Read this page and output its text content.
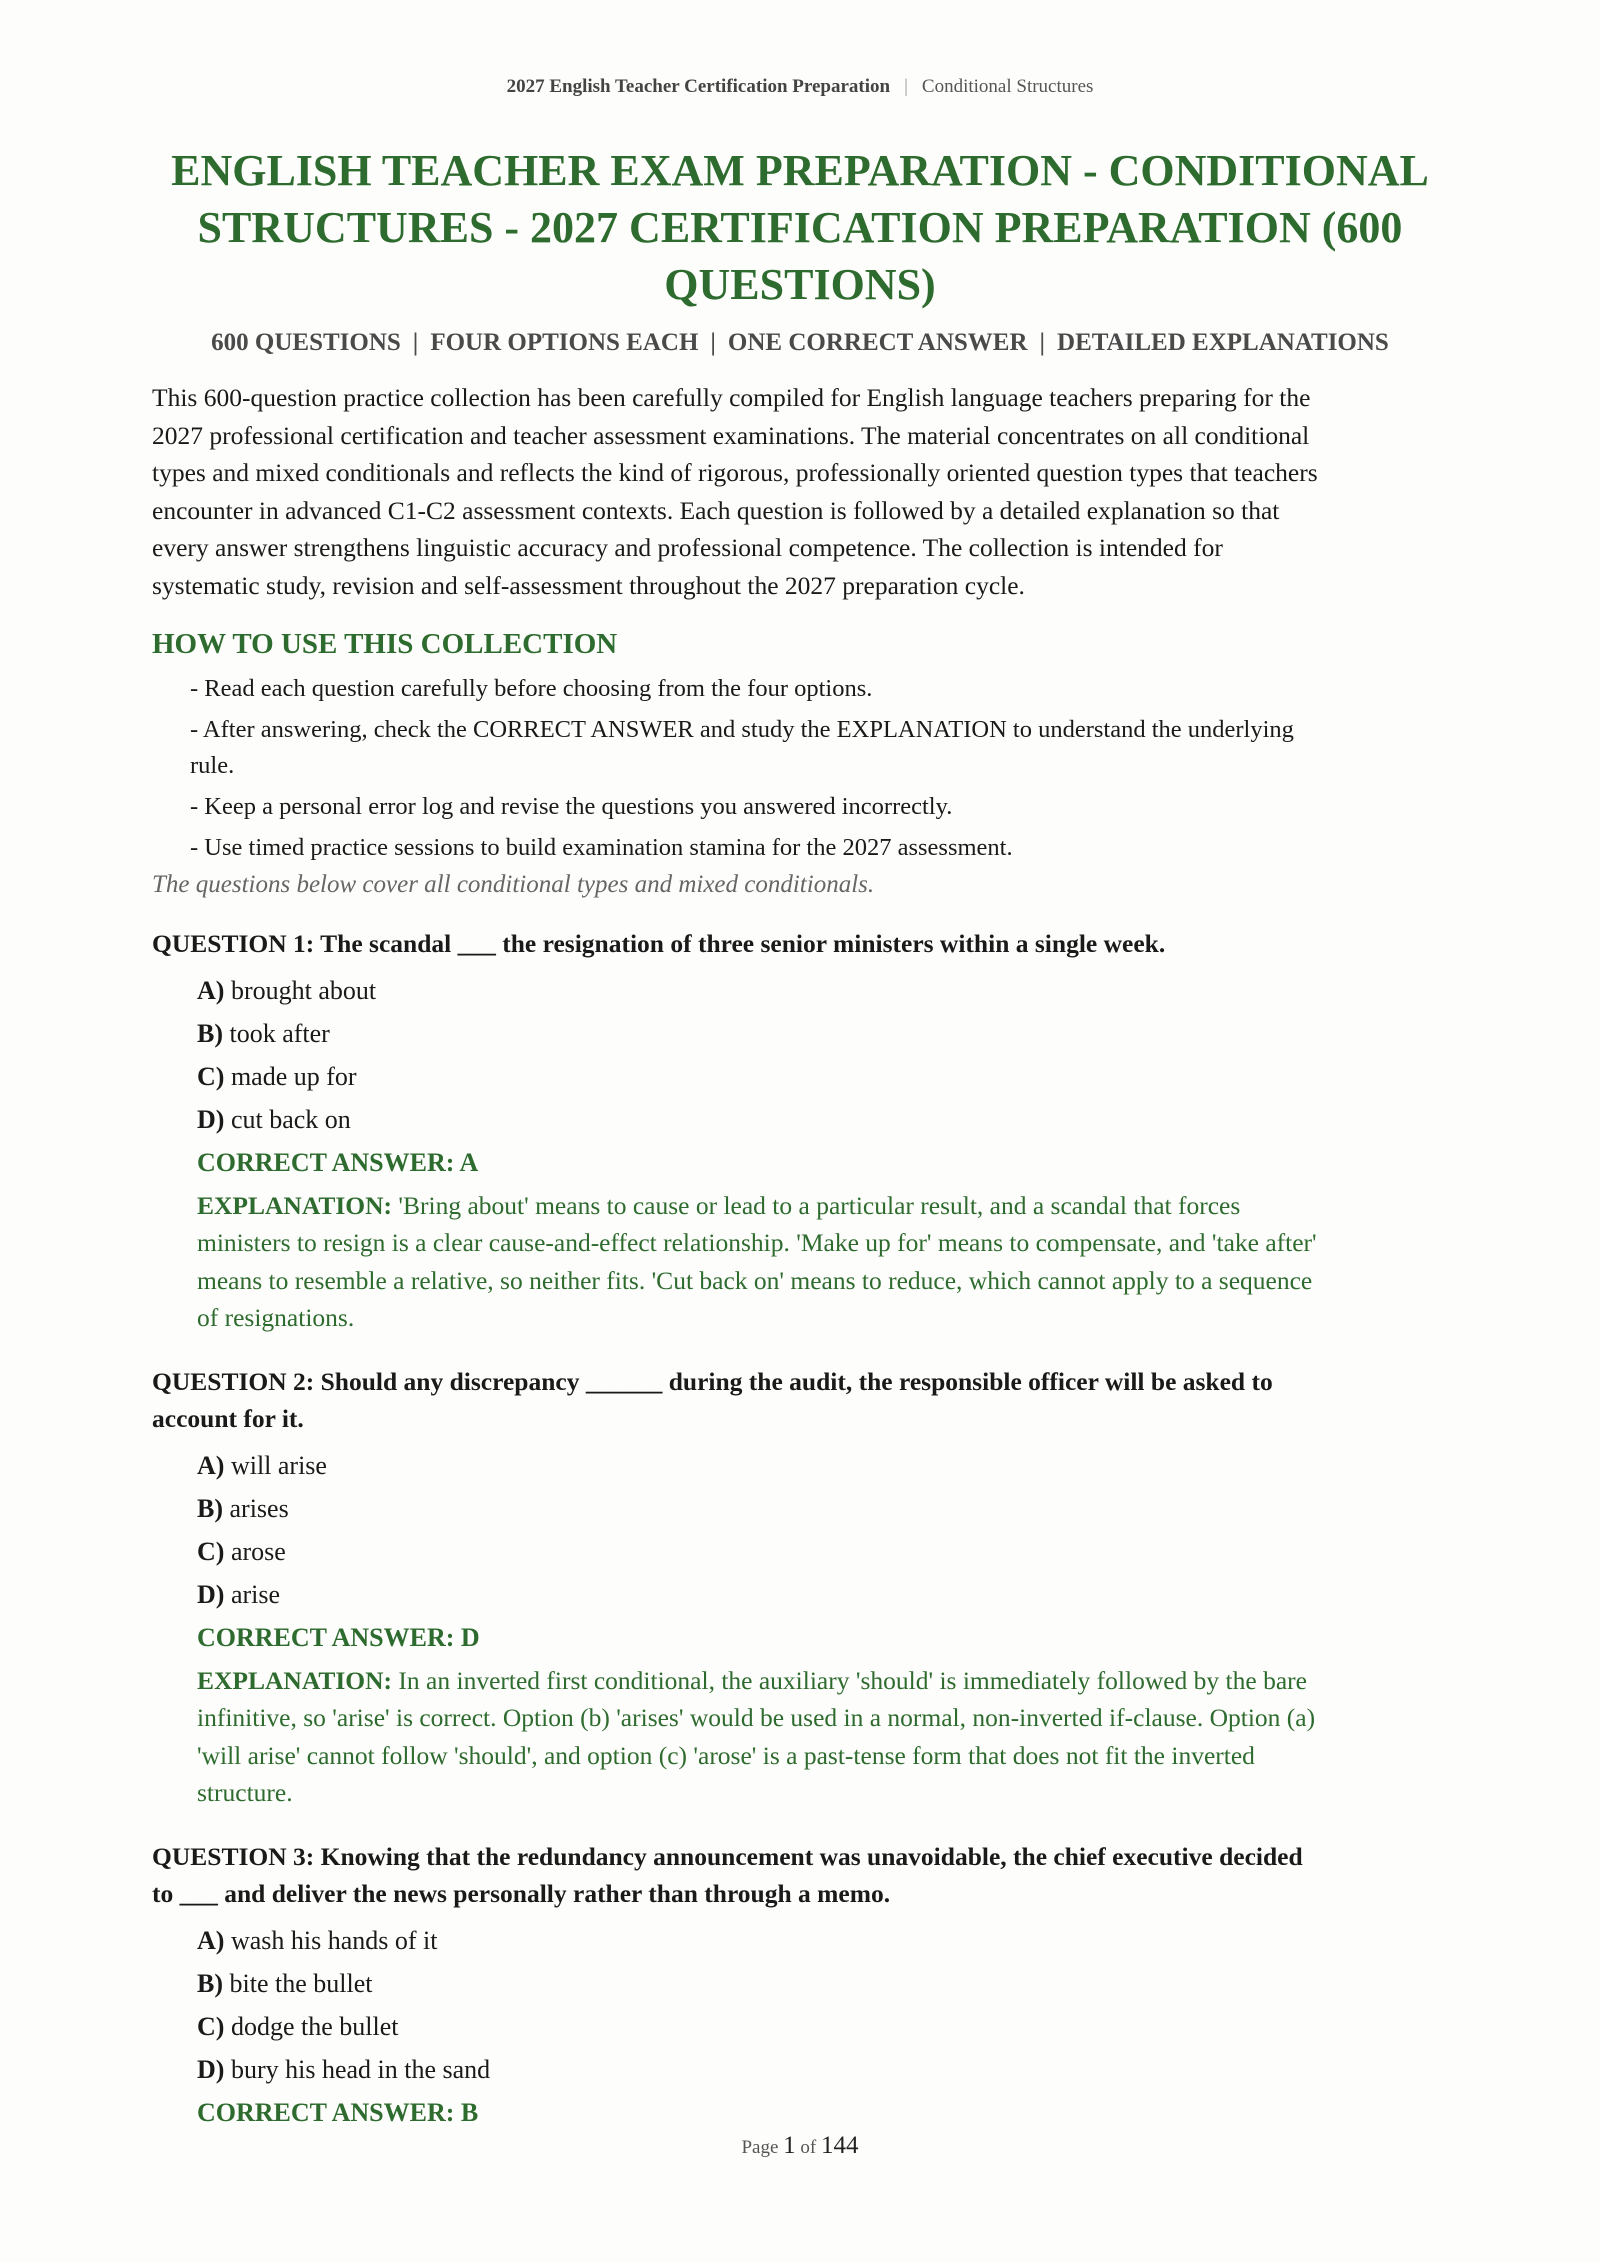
2027 English Teacher Certification Preparation | Conditional Structures
ENGLISH TEACHER EXAM PREPARATION - CONDITIONAL
STRUCTURES - 2027 CERTIFICATION PREPARATION (600
QUESTIONS)
600 QUESTIONS | FOUR OPTIONS EACH | ONE CORRECT ANSWER | DETAILED EXPLANATIONS
This 600-question practice collection has been carefully compiled for English language teachers preparing for the
2027 professional certification and teacher assessment examinations. The material concentrates on all conditional
types and mixed conditionals and reflects the kind of rigorous, professionally oriented question types that teachers
encounter in advanced C1-C2 assessment contexts. Each question is followed by a detailed explanation so that
every answer strengthens linguistic accuracy and professional competence. The collection is intended for
systematic study, revision and self-assessment throughout the 2027 preparation cycle.
HOW TO USE THIS COLLECTION
- Read each question carefully before choosing from the four options.
- After answering, check the CORRECT ANSWER and study the EXPLANATION to understand the underlying
rule.
- Keep a personal error log and revise the questions you answered incorrectly.
- Use timed practice sessions to build examination stamina for the 2027 assessment.
The questions below cover all conditional types and mixed conditionals.
QUESTION 1: The scandal ___ the resignation of three senior ministers within a single week.
A) brought about
B) took after
C) made up for
D) cut back on
CORRECT ANSWER: A
EXPLANATION: 'Bring about' means to cause or lead to a particular result, and a scandal that forces
ministers to resign is a clear cause-and-effect relationship. 'Make up for' means to compensate, and 'take after'
means to resemble a relative, so neither fits. 'Cut back on' means to reduce, which cannot apply to a sequence
of resignations.
QUESTION 2: Should any discrepancy ______ during the audit, the responsible officer will be asked to
account for it.
A) will arise
B) arises
C) arose
D) arise
CORRECT ANSWER: D
EXPLANATION: In an inverted first conditional, the auxiliary 'should' is immediately followed by the bare
infinitive, so 'arise' is correct. Option (b) 'arises' would be used in a normal, non-inverted if-clause. Option (a)
'will arise' cannot follow 'should', and option (c) 'arose' is a past-tense form that does not fit the inverted
structure.
QUESTION 3: Knowing that the redundancy announcement was unavoidable, the chief executive decided
to ___ and deliver the news personally rather than through a memo.
A) wash his hands of it
B) bite the bullet
C) dodge the bullet
D) bury his head in the sand
CORRECT ANSWER: B
Page 1 of 144
